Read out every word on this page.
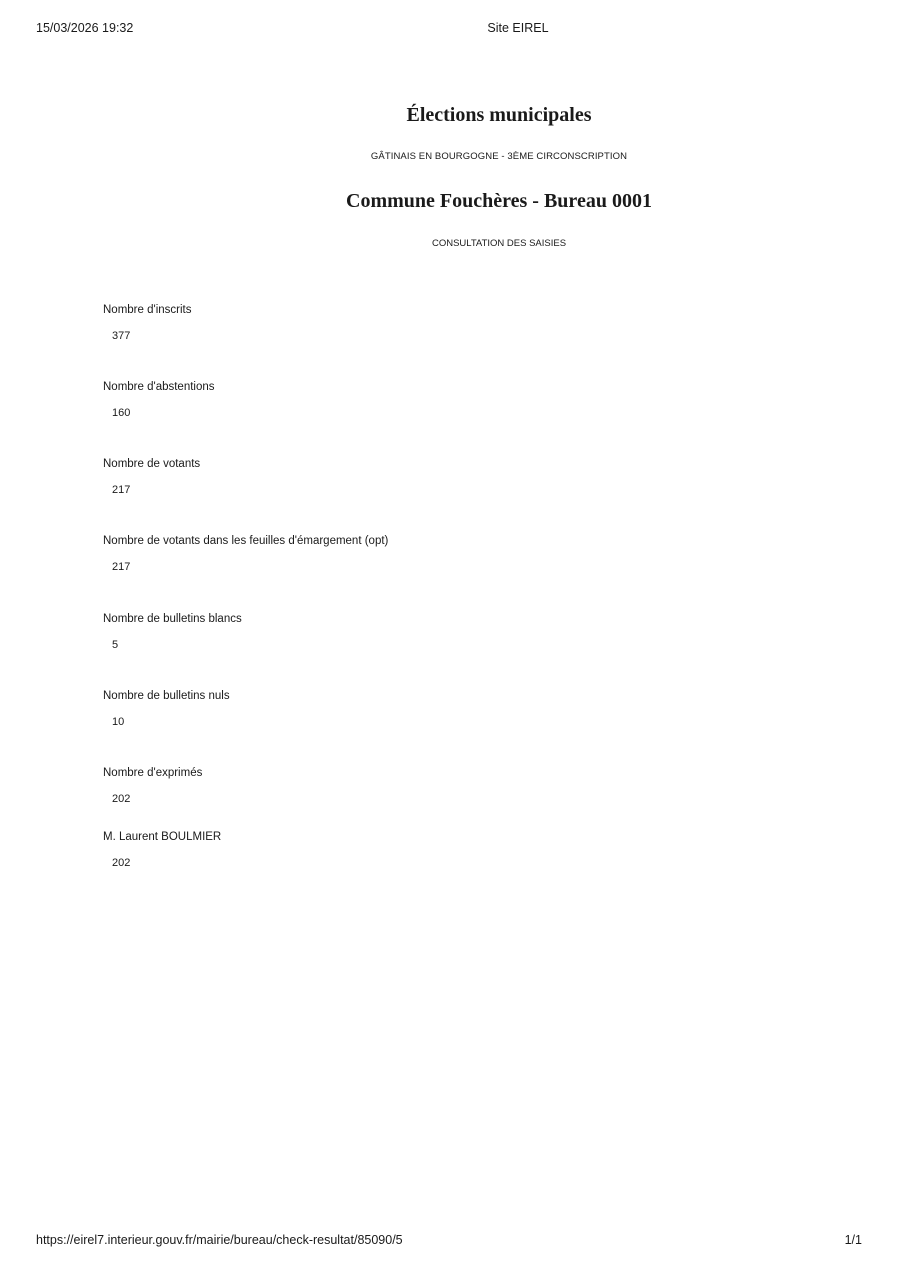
15/03/2026 19:32	Site EIREL
Élections municipales
GÂTINAIS EN BOURGOGNE - 3ÈME CIRCONSCRIPTION
Commune Fouchères - Bureau 0001
CONSULTATION DES SAISIES
Nombre d'inscrits
377
Nombre d'abstentions
160
Nombre de votants
217
Nombre de votants dans les feuilles d'émargement (opt)
217
Nombre de bulletins blancs
5
Nombre de bulletins nuls
10
Nombre d'exprimés
202
M. Laurent BOULMIER
202
https://eirel7.interieur.gouv.fr/mairie/bureau/check-resultat/85090/5	1/1
